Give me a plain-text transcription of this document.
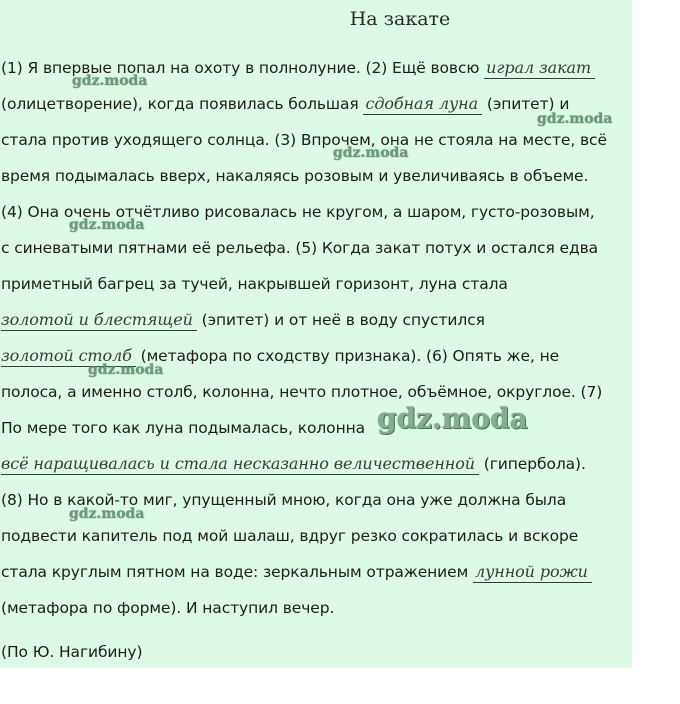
На закате
(1) Я впервые попал на охоту в полнолуние. (2) Ещё вовсю играл закат
(олицетворение), когда появилась большая сдобная луна (эпитет) и
стала против уходящего солнца. (3) Впрочем, она не стояла на месте, всё
время подымалась вверх, накаляясь розовым и увеличиваясь в объеме.
(4) Она очень отчётливо рисовалась не кругом, а шаром, густо-розовым,
с синеватыми пятнами её рельефа. (5) Когда закат потух и остался едва
приметный багрец за тучей, накрывшей горизонт, луна стала
золотой и блестящей (эпитет) и от неё в воду спустился
золотой столб (метафора по сходству признака). (6) Опять же, не
полоса, а именно столб, колонна, нечто плотное, объёмное, округлое. (7)
По мере того как луна подымалась, колонна
всё наращивалась и стала несказанно величественной (гипербола).
(8) Но в какой-то миг, упущенный мною, когда она уже должна была
подвести капитель под мой шалаш, вдруг резко сократилась и вскоре
стала круглым пятном на воде: зеркальным отражением лунной рожи
(метафора по форме). И наступил вечер.
(По Ю. Нагибину)
gdz.moda
gdz.moda
gdz.moda
gdz.moda
gdz.moda
gdz.moda
gdz.moda
